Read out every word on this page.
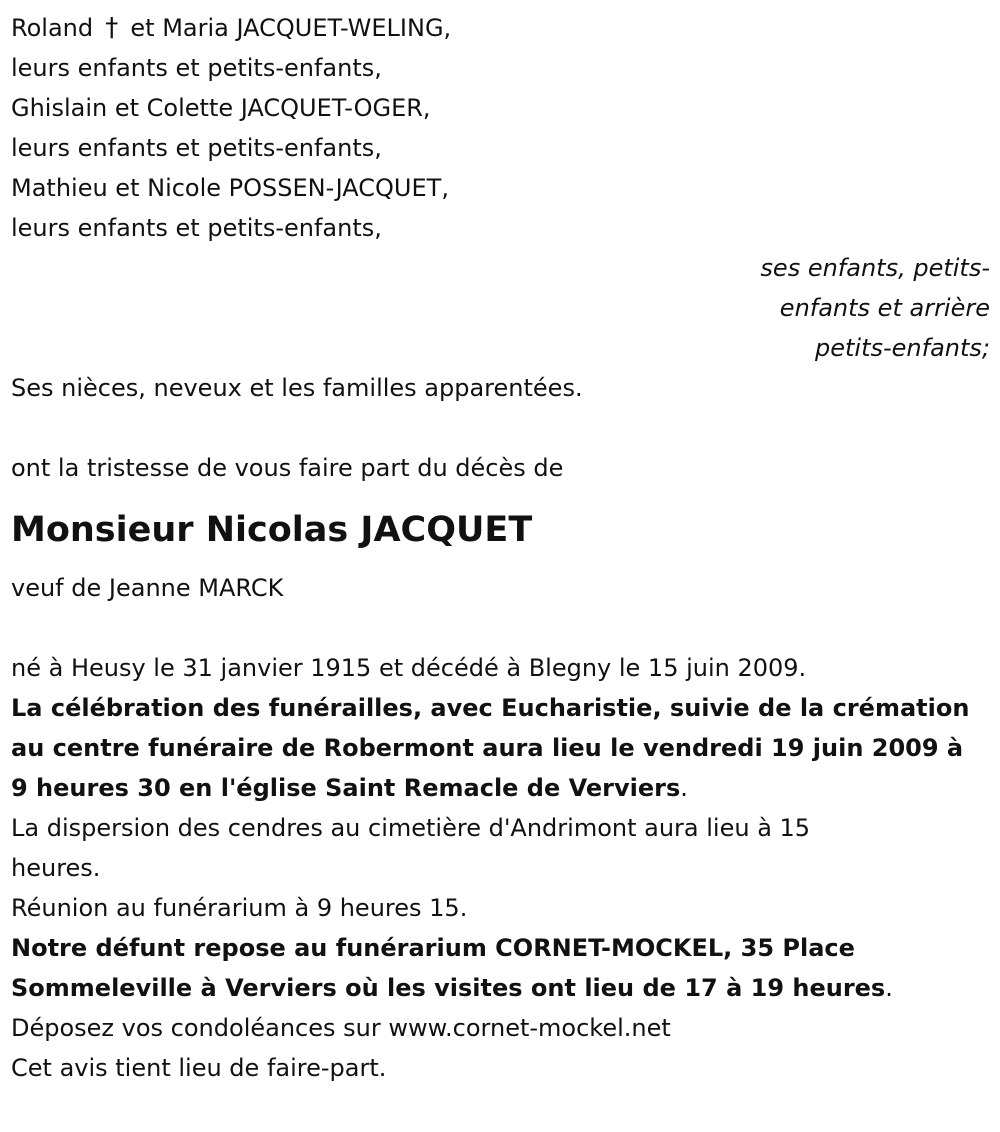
Roland † et Maria JACQUET-WELING,
leurs enfants et petits-enfants,
Ghislain et Colette JACQUET-OGER,
leurs enfants et petits-enfants,
Mathieu et Nicole POSSEN-JACQUET,
leurs enfants et petits-enfants,
ses enfants, petits-
enfants et arrière
petits-enfants;
Ses nièces, neveux et les familles apparentées.
ont la tristesse de vous faire part du décès de
Monsieur Nicolas JACQUET
veuf de Jeanne MARCK
né à Heusy le 31 janvier 1915 et décédé à Blegny le 15 juin 2009.
La célébration des funérailles, avec Eucharistie, suivie de la crémation
au centre funéraire de Robermont aura lieu le vendredi 19 juin 2009 à
9 heures 30 en l'église Saint Remacle de Verviers.
La dispersion des cendres au cimetière d'Andrimont aura lieu à 15
heures.
Réunion au funérarium à 9 heures 15.
Notre défunt repose au funérarium CORNET-MOCKEL, 35 Place
Sommeleville à Verviers où les visites ont lieu de 17 à 19 heures.
Déposez vos condoléances sur www.cornet-mockel.net
Cet avis tient lieu de faire-part.
